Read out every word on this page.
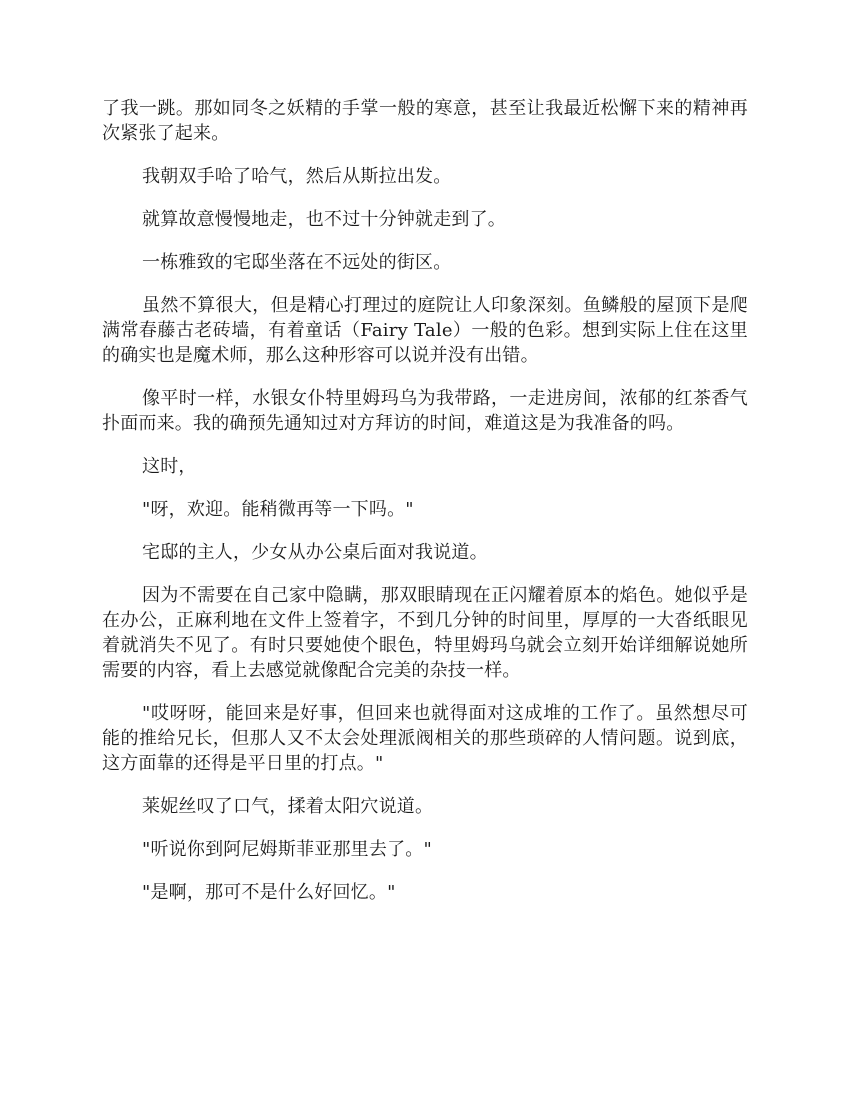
了我一跳。那如同冬之妖精的手掌一般的寒意，甚至让我最近松懈下来的精神再次紧张了起来。

我朝双手哈了哈气，然后从斯拉出发。

就算故意慢慢地走，也不过十分钟就走到了。

一栋雅致的宅邸坐落在不远处的街区。

虽然不算很大，但是精心打理过的庭院让人印象深刻。鱼鳞般的屋顶下是爬满常春藤古老砖墙，有着童话（Fairy Tale）一般的色彩。想到实际上住在这里的确实也是魔术师，那么这种形容可以说并没有出错。

像平时一样，水银女仆特里姆玛乌为我带路，一走进房间，浓郁的红茶香气扑面而来。我的确预先通知过对方拜访的时间，难道这是为我准备的吗。

这时，

"呀，欢迎。能稍微再等一下吗。"

宅邸的主人，少女从办公桌后面对我说道。

因为不需要在自己家中隐瞒，那双眼睛现在正闪耀着原本的焰色。她似乎是在办公，正麻利地在文件上签着字，不到几分钟的时间里，厚厚的一大沓纸眼见着就消失不见了。有时只要她使个眼色，特里姆玛乌就会立刻开始详细解说她所需要的内容，看上去感觉就像配合完美的杂技一样。

"哎呀呀，能回来是好事，但回来也就得面对这成堆的工作了。虽然想尽可能的推给兄长，但那人又不太会处理派阀相关的那些琐碎的人情问题。说到底，这方面靠的还得是平日里的打点。"

莱妮丝叹了口气，揉着太阳穴说道。

"听说你到阿尼姆斯菲亚那里去了。"

"是啊，那可不是什么好回忆。"
